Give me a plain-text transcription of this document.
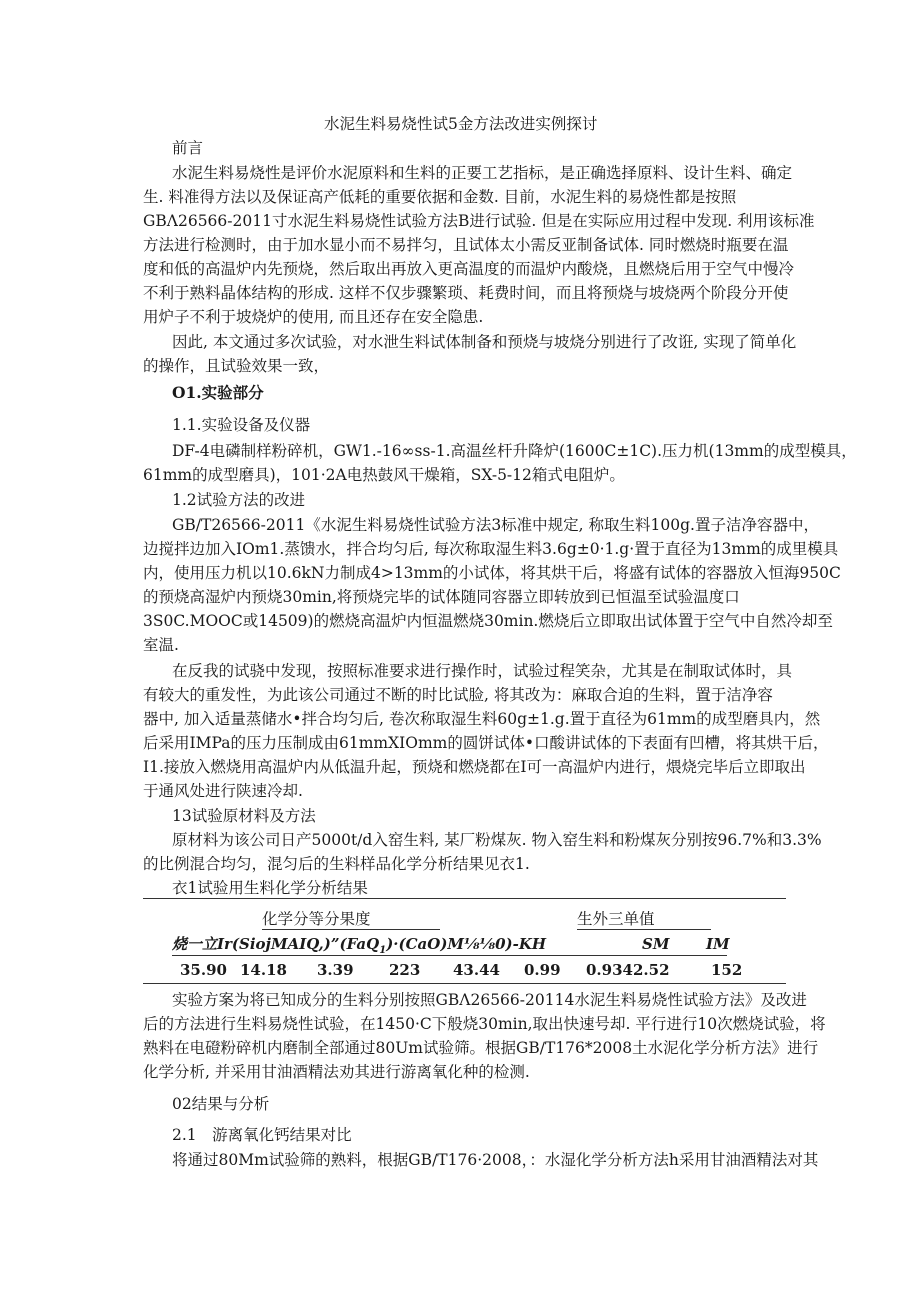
水泥生料易烧性试5金方法改进实例探讨
前言
水泥生料易烧性是评价水泥原料和生料的正要工艺指标，是正确选择原料、设计生料、确定
生. 料准得方法以及保证高产低耗的重要依据和金数. 目前，水泥生料的易烧性都是按照
GBΛ26566-2011寸水泥生料易烧性试验方法B进行试验. 但是在实际应用过程中发现. 利用该标准
方法进行检测时，由于加水显小而不易拌匀，且试体太小需反亚制备试体. 同时燃烧时瓶要在温
度和低的高温炉内先预烧，然后取出再放入更高温度的而温炉内酸烧，且燃烧后用于空气中慢冷
不利于熟料晶体结构的形成. 这样不仅步骤繁琐、耗费时间，而且将预烧与坡烧两个阶段分开使
用炉子不利于坡烧炉的使用, 而且还存在安全隐患.
因此, 本文通过多次试验，对水泄生料试体制备和预烧与坡烧分别进行了改诳, 实现了简单化
的操作，且试验效果一致，
O1.实验部分
1.1.实验设备及仪器
DF-4电磷制样粉碎机，GW1.-16∞ss-1.高温丝杆升降炉(1600C±1C).压力机(13mm的成型模具，
61mm的成型磨具)，101·2A电热鼓风干燥箱，SX-5-12箱式电阻炉。
1.2试验方法的改进
GB/T26566-2011《水泥生料易烧性试验方法3标准中规定, 称取生料100g.置子洁净容器中，
边搅拌边加入IOm1.蒸馈水，拌合均匀后, 每次称取湿生料3.6g±0·1.g·置于直径为13mm的成里模具
内，使用压力机以10.6kN力制成4>13mm的小试体，将其烘干后，将盛有试体的容器放入恒海950C
的预烧高湿炉内预烧30min,将预烧完毕的试体随同容器立即转放到已恒温至试验温度口
3S0C.MOOC或14509)的燃烧高温炉内恒温燃烧30min.燃烧后立即取出试体置于空气中自然冷却至
室温.
在反我的试骁中发现，按照标准要求进行操作时，试验过程笑杂，尤其是在制取试体时，具
有较大的重发性，为此该公司通过不断的时比试脸, 将其改为：麻取合迫的生料，置于洁净容
器中, 加入适量蒸储水•拌合均匀后, 卷次称取湿生料60g±1.g.置于直径为61mm的成型磨具内，然
后采用IMPa的压力压制成由61mmXIOmm的圆饼试体•口酸讲试体的下表面有凹槽，将其烘干后，
I1.接放入燃烧用高温炉内从低温升起，预烧和燃烧都在I可一高温炉内进行，煨烧完毕后立即取出
于通风处进行陕速冷却.
13试验原材料及方法
原材料为该公司日产5000t∕d入窑生料, 某厂粉煤灰. 物入窑生料和粉煤灰分别按96.7%和3.3%
的比例混合均匀，混匀后的生料样品化学分析结果见衣1.
衣1试验用生料化学分析结果
化学分等分果度	生外三单值
烧一立Ir(SiojMAIQ,)”(FaQ$_1$)·(CaO)M⅛⅛0)-KH	SM IM
35.90 14.18 3.39 223 43.44 0.99 0.9342.52	152
实验方案为将已知成分的生料分别按照GBΛ26566-20114水泥生料易烧性试验方法》及改进
后的方法进行生料易烧性试验，在1450·C下般烧30min,取出快速号却. 平行进行10次燃烧试验，将
熟料在电磴粉碎机内磨制全部通过80Um试验筛。根据GB∕T176*2008土水泥化学分析方法》进行
化学分析, 并采用甘油酒精法劝其进行游离氧化种的检测.
02结果与分析
2.1　游离氧化钙结果对比
将通过80Mm试验筛的熟料，根据GB∕T176·2008，：水湿化学分析方法h采用甘油酒精法对其
